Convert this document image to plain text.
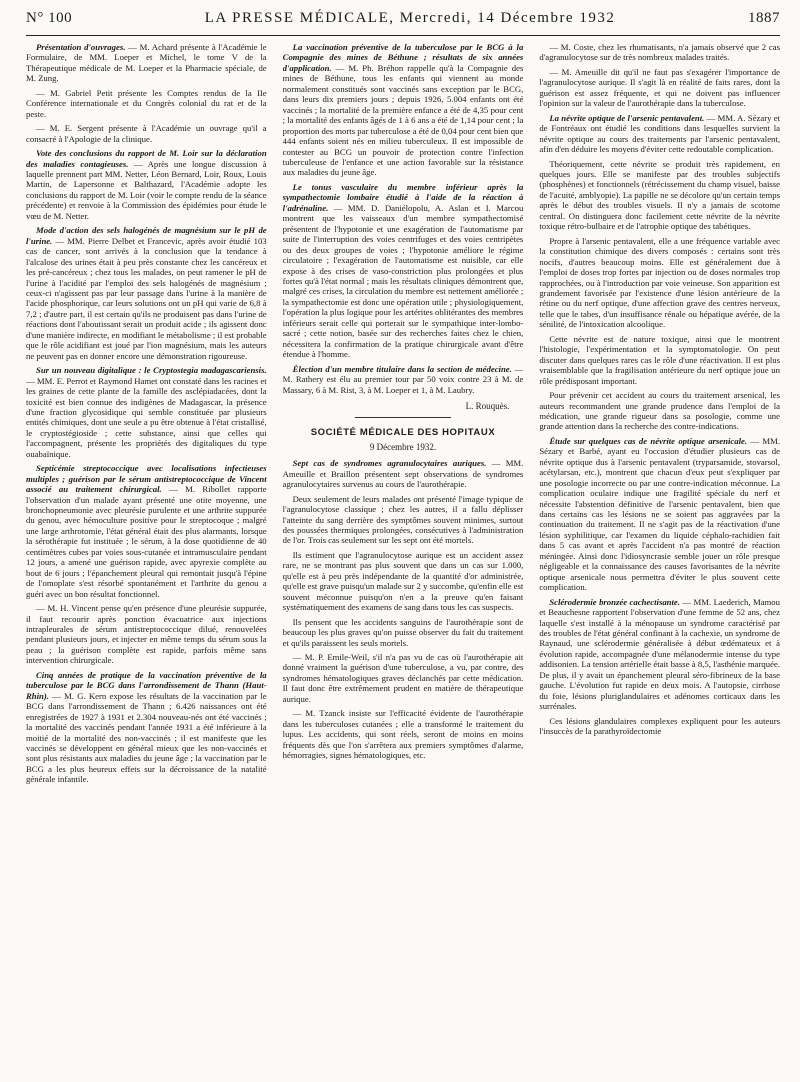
N° 100	LA PRESSE MÉDICALE, Mercredi, 14 Décembre 1932	1887

Présentation d'ouvrages. — M. Achard présente à l'Académie le Formulaire, de MM. Loeper et Michel, le tome V de la Thérapeutique médicale de M. Loeper et la Pharmacie spéciale, de M. Zung.

— M. Gabriel Petit présente les Comptes rendus de la IIe Conférence internationale et du Congrès colonial du rat et de la peste.

— M. E. Sergent présente à l'Académie un ouvrage qu'il a consacré à l'Apologie de la clinique.

Vote des conclusions du rapport de M. Loir sur la déclaration des maladies contagieuses. — Après une longue discussion à laquelle prennent part MM. Netter, Léon Bernard, Loir, Roux, Louis Martin, de Lapersonne et Balthazard, l'Académie adopte les conclusions du rapport de M. Loir (voir le compte rendu de la séance précédente) et renvoie à la Commission des épidémies pour étude le vœu de M. Netter.

Mode d'action des sels halogénés de magnésium sur le pH de l'urine. — MM. Pierre Delbet et Francevic, après avoir étudié 103 cas de cancer, sont arrivés à la conclusion que la tendance à l'alcalose des urines était à peu près constante chez les cancéreux et les pré-cancéreux ; chez tous les malades, on peut ramener le pH de l'urine à l'acidité par l'emploi des sels halogénés de magnésium ; ceux-ci n'agissent pas par leur passage dans l'urine à la manière de l'acide phosphorique, car leurs solutions ont un pH qui varie de 6,8 à 7,2 ; d'autre part, il est certain qu'ils ne produisent pas dans l'urine de réactions dont l'aboutissant serait un produit acide ; ils agissent donc d'une manière indirecte, en modifiant le métabolisme ; il est probable que le rôle acidifiant est joué par l'ion magnésium, mais les auteurs ne peuvent pas en donner encore une démonstration rigoureuse.

Sur un nouveau digitalique : le Cryptostegia madagascariensis. — MM. E. Perrot et Raymond Hamet ont constaté dans les racines et les graines de cette plante de la famille des asclépiadacées, dont la toxicité est bien connue des indigènes de Madagascar, la présence d'une fraction glycosidique qui semble constituée par plusieurs entités chimiques, dont une seule a pu être obtenue à l'état cristallisé, le cryptostégioside ; cette substance, ainsi que celles qui l'accompagnent, présente les propriétés des digitaliques du type ouabaïnique.

Septicémie streptococcique avec localisations infectieuses multiples ; guérison par le sérum antistreptococcique de Vincent associé au traitement chirurgical. — M. Ribollet rapporte l'observation d'un malade ayant présenté une otite moyenne, une bronchopneumonie avec pleurésie purulente et une arthrite suppurée du genou, avec hémoculture positive pour le streptocoque ; malgré une large arthrotomie, l'état général était des plus alarmants, lorsque la sérothérapie fut instituée ; le sérum, à la dose quotidienne de 40 centimètres cubes par voies sous-cutanée et intramusculaire pendant 12 jours, a amené une guérison rapide, avec apyrexie complète au bout de 6 jours ; l'épanchement pleural qui remontait jusqu'à l'épine de l'omoplate s'est résorbé spontanément et l'arthrite du genou a guéri avec un bon résultat fonctionnel.

— M. H. Vincent pense qu'en présence d'une pleurésie suppurée, il faut recourir après ponction évacuatrice aux injections intrapleurales de sérum antistreptococcique dilué, renouvelées pendant plusieurs jours, et injecter en même temps du sérum sous la peau ; la guérison complète est rapide, parfois même sans intervention chirurgicale.

Cinq années de pratique de la vaccination préventive de la tuberculose par le BCG dans l'arrondissement de Thann (Haut-Rhin). — M. G. Kern expose les résultats de la vaccination par le BCG dans l'arrondissement de Thann ; 6.426 naissances ont été enregistrées de 1927 à 1931 et 2.304 nouveau-nés ont été vaccinés ; la mortalité des vaccinés pendant l'année 1931 a été inférieure à la moitié de la mortalité des non-vaccinés ; il est manifeste que les vaccinés se développent en général mieux que les non-vaccinés et sont plus résistants aux maladies du jeune âge ; la vaccination par le BCG a les plus heureux effets sur la décroissance de la natalité générale infantile.

La vaccination préventive de la tuberculose par le BCG à la Compagnie des mines de Béthune ; résultats de six années d'application. — M. Ph. Bréhon rappelle qu'à la Compagnie des mines de Béthune, tous les enfants qui viennent au monde normalement constitués sont vaccinés sans exception par le BCG, dans leurs dix premiers jours ; depuis 1926, 5.004 enfants ont été vaccinés ; la mortalité de la première enfance a été de 4,35 pour cent ; la mortalité des enfants âgés de 1 à 6 ans a été de 1,14 pour cent ; la proportion des morts par tuberculose a été de 0,04 pour cent bien que 444 enfants soient nés en milieu tuberculeux. Il est impossible de contester au BCG un pouvoir de protection contre l'infection tuberculeuse de l'enfance et une action favorable sur la résistance aux maladies du jeune âge.

Le tonus vasculaire du membre inférieur après la sympathectomie lombaire étudié à l'aide de la réaction à l'adrénaline. — MM. D. Daniélopolu, A. Aslan et I. Marcou montrent que les vaisseaux d'un membre sympathectomisé présentent de l'hypotonie et une exagération de l'automatisme par suite de l'interruption des voies centrifuges et des voies centripètes ou des deux groupes de voies ; l'hypotonie améliore le régime circulatoire ; l'exagération de l'automatisme est nuisible, car elle expose à des crises de vaso-constriction plus prolongées et plus fortes qu'à l'état normal ; mais les résultats cliniques démontrent que, malgré ces crises, la circulation du membre est nettement améliorée ; la sympathectomie est donc une opération utile ; physiologiquement, l'opération la plus logique pour les artérites oblitérantes des membres inférieurs serait celle qui porterait sur le sympathique inter-lombo-sacré ; cette notion, basée sur des recherches faites chez le chien, nécessitera la confirmation de la pratique chirurgicale avant d'être étendue à l'homme.

Élection d'un membre titulaire dans la section de médecine. — M. Rathery est élu au premier tour par 50 voix contre 23 à M. de Massary, 6 à M. Rist, 3, à M. Loeper et 1, à M. Laubry.

L. Rouquès.
SOCIÉTÉ MÉDICALE DES HOPITAUX
9 Décembre 1932.

Sept cas de syndromes agranulocytaires auriques. — MM. Ameuille et Braillon présentent sept observations de syndromes agranulocytaires survenus au cours de l'aurothérapie.

Deux seulement de leurs malades ont présenté l'image typique de l'agranulocytose classique ; chez les autres, il a fallu déplisser l'atteinte du sang derrière des symptômes souvent minimes, surtout des poussées thermiques prolongées, consécutives à l'administration de l'or. Trois cas seulement sur les sept ont été mortels.

Ils estiment que l'agranulocytose aurique est un accident assez rare, ne se montrant pas plus souvent que dans un cas sur 1.000, qu'elle est à peu près indépendante de la quantité d'or administrée, qu'elle est grave puisqu'un malade sur 2 y succombe, qu'enfin elle est souvent méconnue puisqu'on n'en a la preuve qu'en faisant systématiquement des examens de sang dans tous les cas suspects.

Ils pensent que les accidents sanguins de l'aurothérapie sont de beaucoup les plus graves qu'on puisse observer du fait du traitement et qu'ils paraissent les seuls mortels.

— M. P. Emile-Weil, s'il n'a pas vu de cas où l'aurothérapie ait donné vraiment la guérison d'une tuberculose, a vu, par contre, des syndromes hématologiques graves déclanchés par cette médication. Il faut donc être extrêmement prudent en matière de thérapeutique aurique.

— M. Tzanck insiste sur l'efficacité évidente de l'aurothérapie dans les tuberculoses cutanées ; elle a transformé le traitement du lupus. Les accidents, qui sont réels, seront de moins en moins fréquents dès que l'on s'arrêtera aux premiers symptômes d'alarme, hémorragies, signes hématologiques, etc.

— M. Coste, chez les rhumatisants, n'a jamais observé que 2 cas d'agranulocytose sur de très nombreux malades traités.

— M. Ameuille dit qu'il ne faut pas s'exagérer l'importance de l'agranulocytose aurique. Il s'agit là en réalité de faits rares, dont la guérison est assez fréquente, et qui ne doivent pas influencer l'opinion sur la valeur de l'aurothérapie dans la tuberculose.

La névrite optique de l'arsenic pentavalent. — MM. A. Sézary et de Fontréaux ont étudié les conditions dans lesquelles survient la névrite optique au cours des traitements par l'arsenic pentavalent, afin d'en déduire les moyens d'éviter cette redoutable complication.

Théoriquement, cette névrite se produit très rapidement, en quelques jours. Elle se manifeste par des troubles subjectifs (phosphènes) et fonctionnels (rétrécissement du champ visuel, baisse de l'acuité, amblyopie). La papille ne se décolore qu'un certain temps après le début des troubles visuels. Il n'y a jamais de scotome central. On distinguera donc facilement cette névrite de la névrite toxique rétro-bulbaire et de l'atrophie optique des tabétiques.

Propre à l'arsenic pentavalent, elle a une fréquence variable avec la constitution chimique des divers composés : certains sont très nocifs, d'autres beaucoup moins. Elle est généralement due à l'emploi de doses trop fortes par injection ou de doses normales trop rapprochées, ou à l'introduction par voie veineuse. Son apparition est grandement favorisée par l'existence d'une lésion antérieure de la rétine ou du nerf optique, d'une affection grave des centres nerveux, telle que le tabes, d'un insuffisance rénale ou hépatique avérée, de la sénilité, de l'intoxication alcoolique.

Cette névrite est de nature toxique, ainsi que le montrent l'histologie, l'expérimentation et la symptomatologie. On peut discuter dans quelques rares cas le rôle d'une réactivation. Il est plus vraisemblable que la fragilisation antérieure du nerf optique joue un rôle prédisposant important.

Pour prévenir cet accident au cours du traitement arsenical, les auteurs recommandent une grande prudence dans l'emploi de la médication, une grande rigueur dans sa posologie, comme une grande attention dans la recherche des contre-indications.

Étude sur quelques cas de névrite optique arsenicale. — MM. Sézary et Barbé, ayant eu l'occasion d'étudier plusieurs cas de névrite optique dus à l'arsenic pentavalent (tryparsamide, stovarsol, acétylarsan, etc.), montrent que chacun d'eux peut s'expliquer par une posologie incorrecte ou par une contre-indication méconnue. La complication oculaire indique une fragilité spéciale du nerf et nécessite l'abstention définitive de l'arsenic pentavalent, bien que dans certains cas les lésions ne se soient pas aggravées par la continuation du traitement. Il ne s'agit pas de la réactivation d'une lésion syphilitique, car l'examen du liquide céphalo-rachidien fait dans 5 cas avant et après l'accident n'a pas montré de réaction méningée. Ainsi donc l'idiosyncrasie semble jouer un rôle presque négligeable et la connaissance des causes favorisantes de la névrite optique arsenicale nous permettra d'éviter le plus souvent cette complication.

Sclérodermie bronzée cachectisante. — MM. Laederich, Mamou et Beauchesne rapportent l'observation d'une femme de 52 ans, chez laquelle s'est installé à la ménopause un syndrome caractérisé par des troubles de l'état général confinant à la cachexie, un syndrome de Raynaud, une sclérodermie généralisée à début œdémateux et à évolution rapide, accompagnée d'une mélanodermie intense du type addisonien. La tension artérielle était basse à 8,5, l'asthénie marquée. De plus, il y avait un épanchement pleural séro-fibrineux de la base gauche. L'évolution fut rapide en deux mois. A l'autopsie, cirrhose du foie, lésions pluriglandulaires et adénomes corticaux dans les surrénales.

Ces lésions glandulaires complexes expliquent pour les auteurs l'insuccès de la parathyroïdectomie
